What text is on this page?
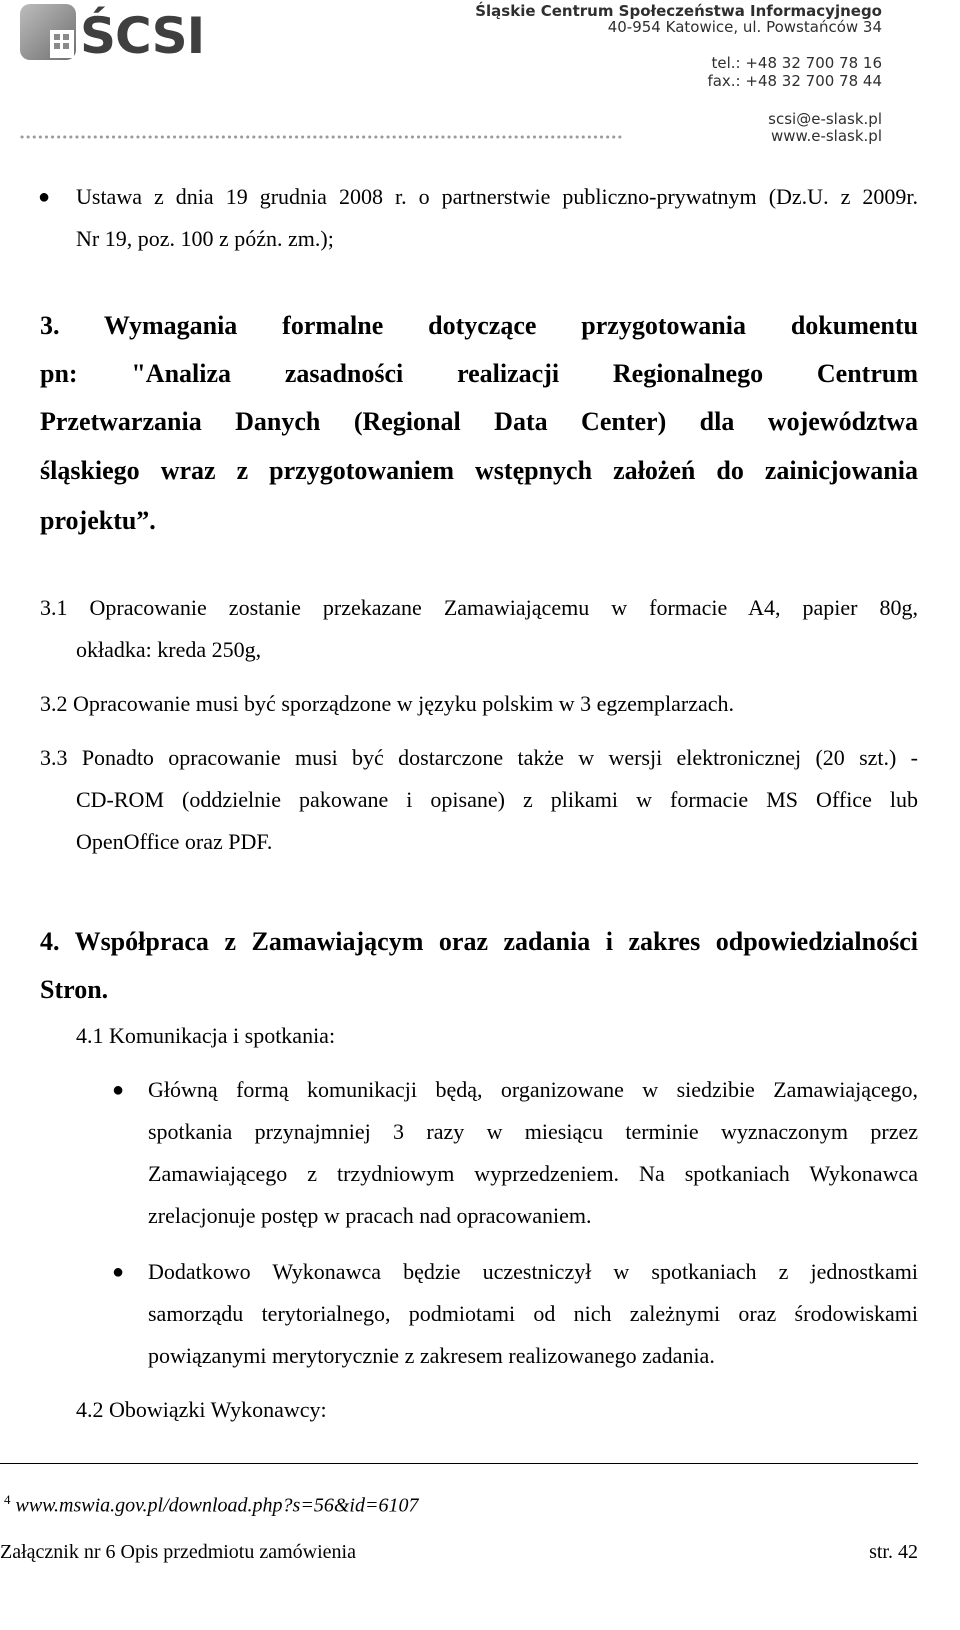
ŚCSI	Śląskie Centrum Społeczeństwa Informacyjnego
40-954 Katowice, ul. Powstańców 34
tel.: +48 32 700 78 16
fax.: +48 32 700 78 44
scsi@e-slask.pl
www.e-slask.pl
● Ustawa z dnia 19 grudnia 2008 r. o partnerstwie publiczno-prywatnym (Dz.U. z 2009r.
Nr 19, poz. 100 z późn. zm.);
3. Wymagania formalne dotyczące przygotowania dokumentu
pn: "Analiza zasadności realizacji Regionalnego Centrum
Przetwarzania Danych (Regional Data Center) dla województwa
śląskiego wraz z przygotowaniem wstępnych założeń do zainicjowania
projektu”.
3.1 Opracowanie zostanie przekazane Zamawiającemu w formacie A4, papier 80g,
okładka: kreda 250g,
3.2 Opracowanie musi być sporządzone w języku polskim w 3 egzemplarzach.
3.3 Ponadto opracowanie musi być dostarczone także w wersji elektronicznej (20 szt.) -
CD-ROM (oddzielnie pakowane i opisane) z plikami w formacie MS Office lub
OpenOffice oraz PDF.
4. Współpraca z Zamawiającym oraz zadania i zakres odpowiedzialności
Stron.
4.1 Komunikacja i spotkania:
● Główną formą komunikacji będą, organizowane w siedzibie Zamawiającego,
spotkania przynajmniej 3 razy w miesiącu terminie wyznaczonym przez
Zamawiającego z trzydniowym wyprzedzeniem. Na spotkaniach Wykonawca
zrelacjonuje postęp w pracach nad opracowaniem.
● Dodatkowo Wykonawca będzie uczestniczył w spotkaniach z jednostkami
samorządu terytorialnego, podmiotami od nich zależnymi oraz środowiskami
powiązanymi merytorycznie z zakresem realizowanego zadania.
4.2 Obowiązki Wykonawcy:
$^4$ www.mswia.gov.pl/download.php?s=56&id=6107
Załącznik nr 6 Opis przedmiotu zamówienia	str. 42
